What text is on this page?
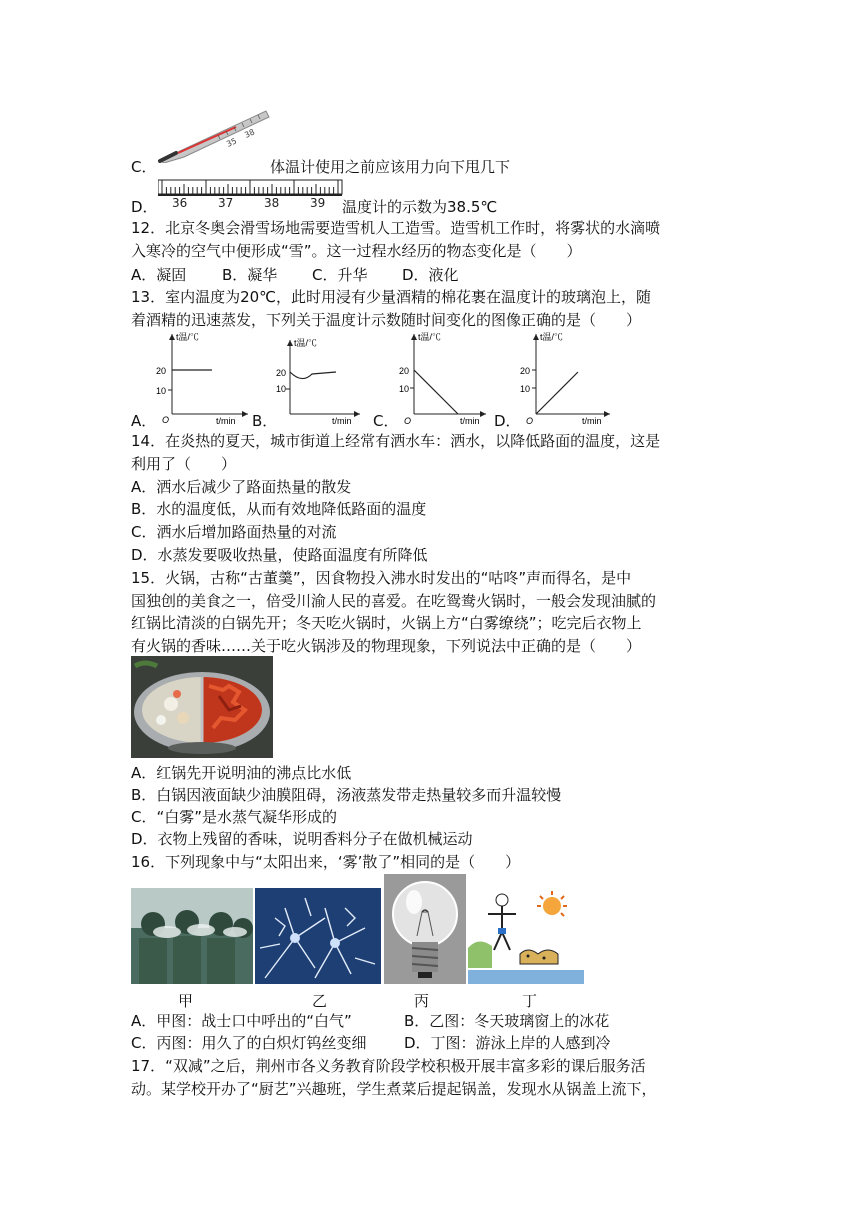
35
38
C．	体温计使用之前应该用力向下甩几下
36	37	38	39
D．	温度计的示数为38.5℃
12．北京冬奥会滑雪场地需要造雪机人工造雪。造雪机工作时，将雾状的水滴喷
入寒冷的空气中便形成“雪”。这一过程水经历的物态变化是（　　）
A．凝固 B．凝华 C．升华 D．液化
13．室内温度为20℃，此时用浸有少量酒精的棉花裹在温度计的玻璃泡上，随
着酒精的迅速蒸发，下列关于温度计示数随时间变化的图像正确的是（　　）
t温/℃
20
10
O	t/min
A．
t温/℃
20
10
t/min
B．
t温/℃
20
10
O	t/min
C．
t温/℃
20
10
O	t/min
D．
14．在炎热的夏天，城市街道上经常有洒水车：洒水，以降低路面的温度，这是
利用了（　　）
A．洒水后减少了路面热量的散发
B．水的温度低，从而有效地降低路面的温度
C．洒水后增加路面热量的对流
D．水蒸发要吸收热量，使路面温度有所降低
15．火锅，古称“古董羹”，因食物投入沸水时发出的“咕咚”声而得名，是中
国独创的美食之一，倍受川渝人民的喜爱。在吃鸳鸯火锅时，一般会发现油腻的
红锅比清淡的白锅先开；冬天吃火锅时，火锅上方“白雾缭绕”；吃完后衣物上
有火锅的香味……关于吃火锅涉及的物理现象，下列说法中正确的是（　　）
A．红锅先开说明油的沸点比水低
B．白锅因液面缺少油膜阻碍，汤液蒸发带走热量较多而升温较慢
C．“白雾”是水蒸气凝华形成的
D．衣物上残留的香味，说明香料分子在做机械运动
16．下列现象中与“太阳出来，‘雾’散了”相同的是（　　）
甲	乙	丙	丁
A．甲图：战士口中呼出的“白气”	B．乙图：冬天玻璃窗上的冰花
C．丙图：用久了的白炽灯钨丝变细	D．丁图：游泳上岸的人感到冷
17．“双减”之后，荆州市各义务教育阶段学校积极开展丰富多彩的课后服务活
动。某学校开办了“厨艺”兴趣班，学生煮菜后提起锅盖，发现水从锅盖上流下，
